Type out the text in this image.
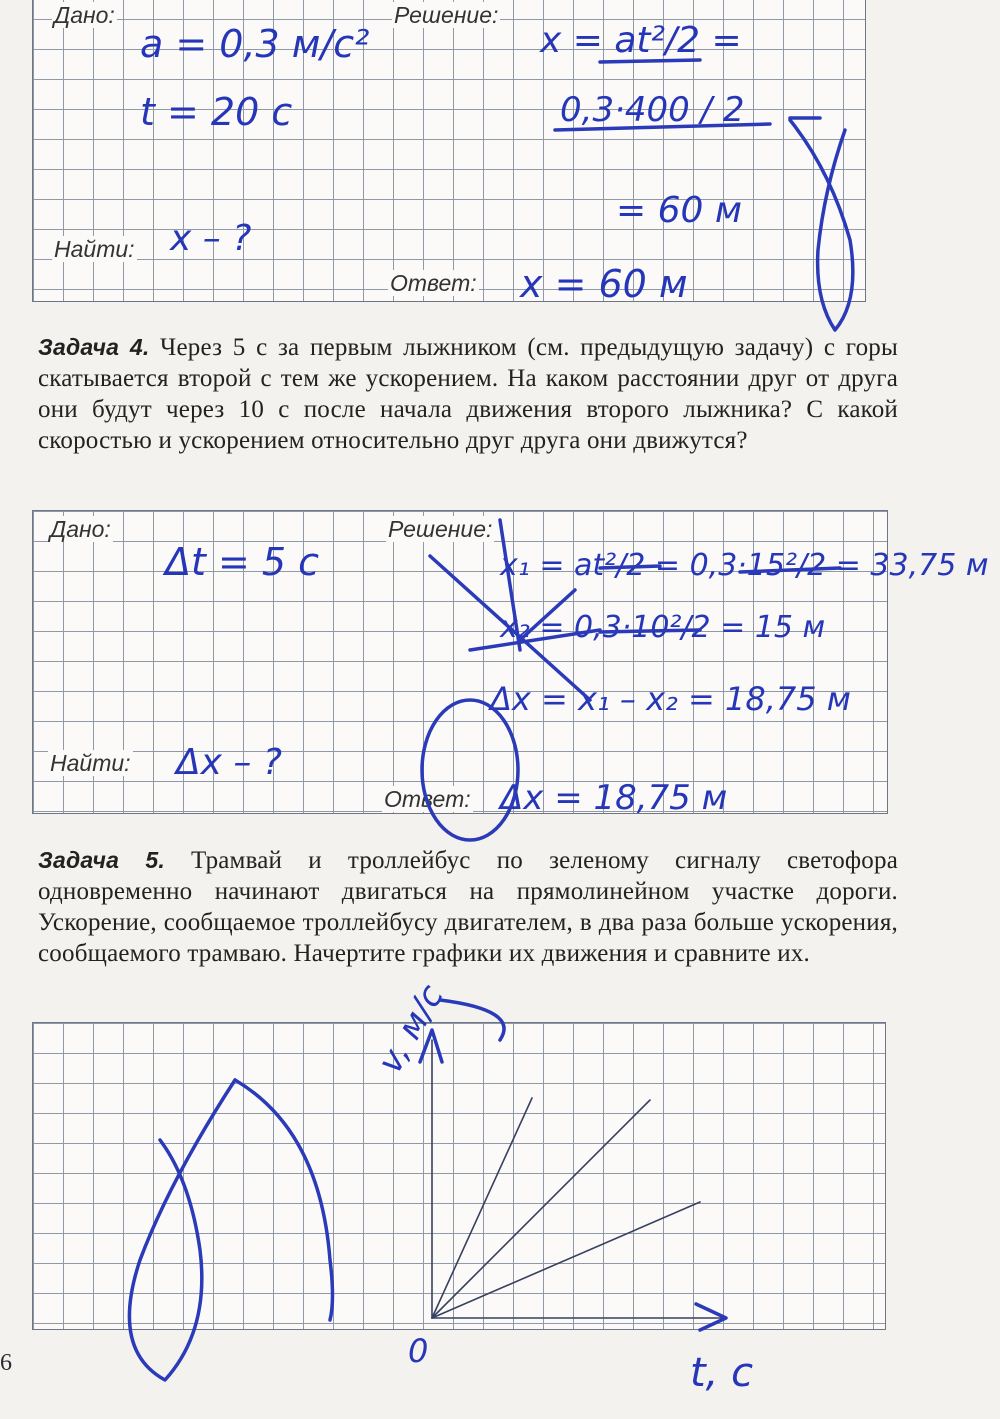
Дано:	Решение:
Найти:
Ответ:
a = 0,3 м/с²
t = 20 c
x – ?
x = at²/2 =
0,3·400 / 2
= 60 м
x = 60 м
Задача 4. Через 5 с за первым лыжником (см. предыдущую задачу) с горы скатывается второй с тем же ускорением. На каком расстоянии друг от друга они будут через 10 с после начала движения второго лыжника? С какой скоростью и ускорением относительно друг друга они движутся?
Дано:	Решение:
Найти:
Ответ:
Δt = 5 c
Δx – ?
x₁ = at²/2 = 0,3·15²/2 = 33,75 м
x₂ = 0,3·10²/2 = 15 м
Δx = x₁ – x₂ = 18,75 м
Δx = 18,75 м
Задача 5. Трамвай и троллейбус по зеленому сигналу светофора одновременно начинают двигаться на прямолинейном участке дороги. Ускорение, сообщаемое троллейбусу двигателем, в два раза больше ускорения, сообщаемого трамваю. Начертите графики их движения и сравните их.
v, м/с
t, с
0
6
